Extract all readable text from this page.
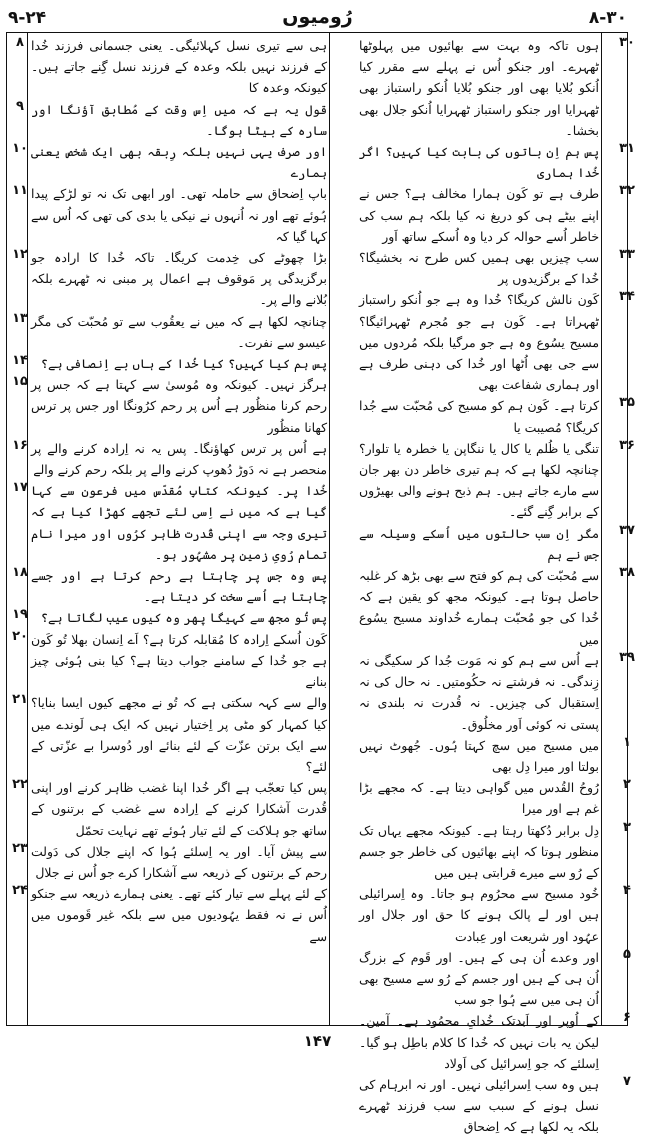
۸-۳۰
رُومیوں
۹-۲۴
۳۰

ہوں تاکہ وہ بہت سے بھائیوں میں پہلوٹھا ٹھہرے۔ اور جنکو اُس نے پہلے سے مقرر کیا اُنکو بُلایا بھی اور جنکو بُلایا اُنکو راستباز بھی ٹھہرایا اور جنکو راستباز ٹھہرایا اُنکو جلال بھی بخشا۔

۳۱

پس ہم اِن باتوں کی بابت کیا کہیں؟ اگر خُدا ہماری

۳۲

طرف ہے تو کَون ہمارا مخالف ہے؟ جس نے اپنے بیٹے ہی کو دریغ نہ کیا بلکہ ہم سب کی خاطر اُسے حوالہ کر دیا وہ اُسکے ساتھ اَور

۳۳

سب چیزیں بھی ہمیں کس طرح نہ بخشیگا؟ خُدا کے برگزیدوں پر

۳۴

کَون نالش کریگا؟ خُدا وہ ہے جو اُنکو راستباز ٹھہراتا ہے۔ کَون ہے جو مُجرم ٹھہرائیگا؟ مسیح یسُوع وہ ہے جو مرگیا بلکہ مُردوں میں سے جی بھی اُٹھا اور خُدا کی دہنی طرف ہے اور ہماری شفاعت بھی

۳۵

کرتا ہے۔ کَون ہم کو مسیح کی مُحبّت سے جُدا کریگا؟ مُصیبت یا

۳۶

تنگی یا ظُلم یا کال یا ننگاپن یا خطرہ یا تلوار؟ چنانچہ لکھا ہے کہ ہم تیری خاطر دن بھر جان سے مارے جاتے ہیں۔ ہم ذبح ہونے والی بھیڑوں کے برابر گِنے گئے۔

۳۷

مگر اِن سب حالتوں میں اُسکے وسیلہ سے جس نے ہم

۳۸

سے مُحبّت کی ہم کو فتح سے بھی بڑھ کر غلبہ حاصل ہوتا ہے۔ کیونکہ مجھ کو یقین ہے کہ خُدا کی جو مُحبّت ہمارے خُداوند مسیح یسُوع میں

۳۹

ہے اُس سے ہم کو نہ مَوت جُدا کر سکیگی نہ زِندگی۔ نہ فرشتے نہ حکُومتیں۔ نہ حال کی نہ اِستقبال کی چیزیں۔ نہ قُدرت نہ بلندی نہ پستی نہ کوئی اَور مخلُوق۔

۱

میں مسیح میں سچ کہتا ہُوں۔ جُھوٹ نہیں بولتا اور میرا دِل بھی

۲

رُوحُ القُدس میں گواہی دیتا ہے۔ کہ مجھے بڑا غم ہے اور میرا

۳

دِل برابر دُکھتا رہتا ہے۔ کیونکہ مجھے یہاں تک منظور ہوتا کہ اپنے بھائیوں کی خاطر جو جسم کے رُو سے میرے قرابتی ہیں میں

۴

خُود مسیح سے محرُوم ہو جاتا۔ وہ اِسرائیلی ہیں اور لے پالک ہونے کا حق اور جلال اور عہُود اور شریعت اور عِبادت

۵

اور وعدے اُن ہی کے ہیں۔ اور قَوم کے بزرگ اُن ہی کے ہیں اور جسم کے رُو سے مسیح بھی اُن ہی میں سے ہُوا جو سب

۶

کے اُوپر اور اَبدتک خُدایِ محمُود ہے۔ آمین۔ لیکن یہ بات نہیں کہ خُدا کا کلام باطِل ہو گیا۔ اِسلئے کہ جو اِسرائیل کی اَولاد

۷

ہیں وہ سب اِسرائیلی نہیں۔ اور نہ ابرہام کی نسل ہونے کے سبب سے سب فرزند ٹھہرے بلکہ یہ لکھا ہے کہ اِضحاق

۸ ہی سے تیری نسل کہلائیگی۔ یعنی جسمانی فرزند خُدا کے فرزند نہیں بلکہ وعدہ کے فرزند نسل گِنے جاتے ہیں۔ کیونکہ وعدہ کا

۹ قول یہ ہے کہ میں اِس وقت کے مُطابق آؤنگا اور سارہ کے بیٹا ہوگا۔

۱۰ اور صرف یہی نہیں بلکہ رِبقہ بھی ایک شخص یعنی ہمارے

۱۱ باپ اِضحاق سے حاملہ تھی۔ اور ابھی تک نہ تو لڑکے پیدا ہُوئے تھے اور نہ اُنہوں نے نیکی یا بدی کی تھی کہ اُس سے کہا گیا کہ

۱۲ بڑا چھوٹے کی خِدمت کریگا۔ تاکہ خُدا کا ارادہ جو برگزیدگی پر مَوقوف ہے اعمال پر مبنی نہ ٹھہرے بلکہ بُلانے والے پر۔

۱۳ چنانچہ لکھا ہے کہ میں نے یعقُوب سے تو مُحبّت کی مگر عیسو سے نفرت۔

۱۴	پس ہم کیا کہیں؟ کیا خُدا کے ہاں بے اِنصافی ہے؟

۱۵ ہرگز نہیں۔ کیونکہ وہ مُوسیٰ سے کہتا ہے کہ جس پر رحم کرنا منظُور ہے اُس پر رحم کرُونگا اور جس پر ترس کھانا منظُور

۱۶ ہے اُس پر ترس کھاؤنگا۔ پس یہ نہ اِرادہ کرنے والے پر منحصر ہے نہ دَوڑ دُھوپ کرنے والے پر بلکہ رحم کرنے والے

۱۷ خُدا پر۔ کیونکہ کتابِ مُقدّس میں فرعون سے کہا گیا ہے کہ میں نے اِسی لئے تجھے کھڑا کیا ہے کہ تیری وجہ سے اپنی قُدرت ظاہر کرُوں اور میرا نام تمام رُویِ زمین پر مشہُور ہو۔

۱۸ پس وہ جس پر چاہتا ہے رحم کرتا ہے اور جسے چاہتا ہے اُسے سخت کر دیتا ہے۔

۱۹	پس تُو مجھ سے کہیگا پھر وہ کیوں عیب لگاتا ہے؟

۲۰ کَون اُسکے اِرادہ کا مُقابلہ کرتا ہے؟ اَے اِنسان بھلا تُو کَون ہے جو خُدا کے سامنے جواب دیتا ہے؟ کیا بنی ہُوئی چیز بنانے

۲۱ والے سے کہہ سکتی ہے کہ تُو نے مجھے کیوں ایسا بنایا؟ کیا کمہار کو مٹی پر اِختیار نہیں کہ ایک ہی لَوندے میں سے ایک برتن عزّت کے لئے بنائے اور دُوسرا بے عزّتی کے لئے؟

۲۲ پس کیا تعجّب ہے اگر خُدا اپنا غضب ظاہر کرنے اور اپنی قُدرت آشکارا کرنے کے اِرادہ سے غضب کے برتنوں کے ساتھ جو ہلاکت کے لئے تیار ہُوئے تھے نہایت تحمّل

۲۳ سے پیش آیا۔ اور یہ اِسلئے ہُوا کہ اپنے جلال کی دَولت رحم کے برتنوں کے ذریعہ سے آشکارا کرے جو اُس نے جلال

۲۴ کے لئے پہلے سے تیار کئے تھے۔ یعنی ہمارے ذریعہ سے جنکو اُس نے نہ فقط یہُودیوں میں سے بلکہ غیر قَوموں میں سے

۱۴۷
